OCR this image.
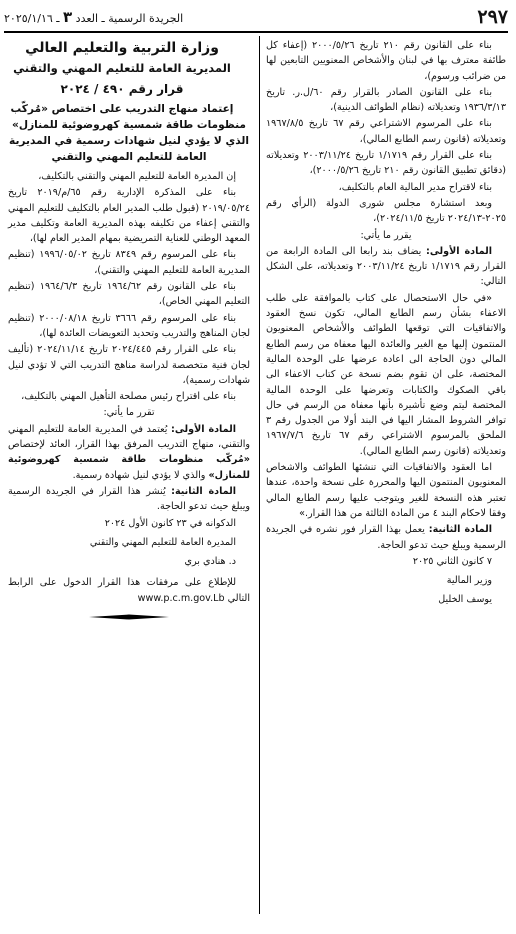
٢٩٧
الجريدة الرسمية ـ العدد ٣ ـ ٢٠٢٥/١/١٦

بناء على القانون رقم ٢١٠ تاريخ ٢٠٠٠/٥/٢٦ (إعفاء كل طائفة معترف بها في لبنان والأشخاص المعنويين التابعين لها من ضرائب ورسوم)،

بناء على القانون الصادر بالقرار رقم ٦٠/ل.ر. تاريخ ١٩٣٦/٣/١٣ وتعديلاته (نظام الطوائف الدينية)،

بناء على المرسوم الاشتراعي رقم ٦٧ تاريخ ١٩٦٧/٨/٥ وتعديلاته (قانون رسم الطابع المالي)،

بناء على القرار رقم ١/١٧١٩ تاريخ ٢٠٠٣/١١/٢٤ وتعديلاته (دقائق تطبيق القانون رقم ٢١٠ تاريخ ٢٠٠٠/٥/٢٦)،

بناء لاقتراح مدير المالية العام بالتكليف،

وبعد استشارة مجلس شورى الدولة (الرأي رقم ٢٠٢٥-٢٠٢٤/١٣ تاريخ ٢٠٢٤/١١/٥)،

يقرر ما يأتي:

المادة الأولى: يضاف بند رابعا الى المادة الرابعة من القرار رقم ١/١٧١٩ تاريخ ٢٠٠٣/١١/٢٤ وتعديلاته، على الشكل التالي:

«في حال الاستحصال على كتاب بالموافقة على طلب الاعفاء بشأن رسم الطابع المالي، تكون نسخ العقود والاتفاقيات التي توقعها الطوائف والأشخاص المعنويون المنتمون إليها مع الغير والعائدة اليها معفاة من رسم الطابع المالي دون الحاجة الى اعادة عرضها على الوحدة المالية المختصة، على ان تقوم بضم نسخة عن كتاب الاعفاء الى باقي الصكوك والكتابات وتعرضها على الوحدة المالية المختصة ليتم وضع تأشيرة بأنها معفاة من الرسم في حال توافر الشروط المشار اليها في البند أولا من الجدول رقم ٣ الملحق بالمرسوم الاشتراعي رقم ٦٧ تاريخ ١٩٦٧/٧/٦ وتعديلاته (قانون رسم الطابع المالي).

اما العقود والاتفاقيات التي تنشئها الطوائف والاشخاص المعنويون المنتمون اليها والمحررة على نسخة واحدة، عندها تعتبر هذه النسخة للغير ويتوجب عليها رسم الطابع المالي وفقا لاحكام البند ٤ من المادة الثالثة من هذا القرار.»

المادة الثانية: يعمل بهذا القرار فور نشره في الجريدة الرسمية ويبلغ حيث تدعو الحاجة.

٧ كانون الثاني ٢٠٢٥

وزير المالية

يوسف الخليل

وزارة التربية والتعليم العالي

المديرية العامة للتعليم المهني والتقني

قرار رقم ٤٩٠ / ٢٠٢٤

إعتماد منهاج التدريب على اختصاص «مُركّب منظومات طاقة شمسية كهروضوئية للمنازل» الذي لا يؤدي لنيل شهادات رسمية في المديرية العامة للتعليم المهني والتقني

إن المديرة العامة للتعليم المهني والتقني بالتكليف،

بناء على المذكرة الإدارية رقم ٦٥/م/٢٠١٩ تاريخ ٢٠١٩/٠٥/٢٤ (قبول طلب المدير العام بالتكليف للتعليم المهني والتقني إعفاء من تكليفه بهذه المديرية العامة وتكليف مدير المعهد الوطني للعناية التمريضية بمهام المدير العام لها)،

بناء على المرسوم رقم ٨٣٤٩ تاريخ ١٩٩٦/٠٥/٠٢ (تنظيم المديرية العامة للتعليم المهني والتقني)،

بناء على القانون رقم ١٩٦٤/٦٢ تاريخ ١٩٦٤/٦/٣ (تنظيم التعليم المهني الخاص)،

بناء على المرسوم رقم ٣٦٦٦ تاريخ ٢٠٠٠/٠٨/١٨ (تنظيم لجان المناهج والتدريب وتحديد التعويضات العائدة لها)،

بناء على القرار رقم ٢٠٢٤/٤٤٥ تاريخ ٢٠٢٤/١١/١٤ (تأليف لجان فنية متخصصة لدراسة مناهج التدريب التي لا تؤدي لنيل شهادات رسمية)،

بناء على اقتراح رئيس مصلحة التأهيل المهني بالتكليف،

تقرر ما يأتي:

المادة الأولى: يُعتمد في المديرية العامة للتعليم المهني والتقني، منهاج التدريب المرفق بهذا القرار، العائد لإختصاص «مُركّب منظومات طاقة شمسية كهروضوئية للمنازل» والذي لا يؤدي لنيل شهادة رسمية.

المادة الثانية: يُنشر هذا القرار في الجريدة الرسمية ويبلغ حيث تدعو الحاجة.

الدكوانه في ٢٣ كانون الأول ٢٠٢٤

المديرة العامة للتعليم المهني والتقني

د. هنادي بري

للإطلاع على مرفقات هذا القرار الدخول على الرابط التالي www.p.c.m.gov.Lb
